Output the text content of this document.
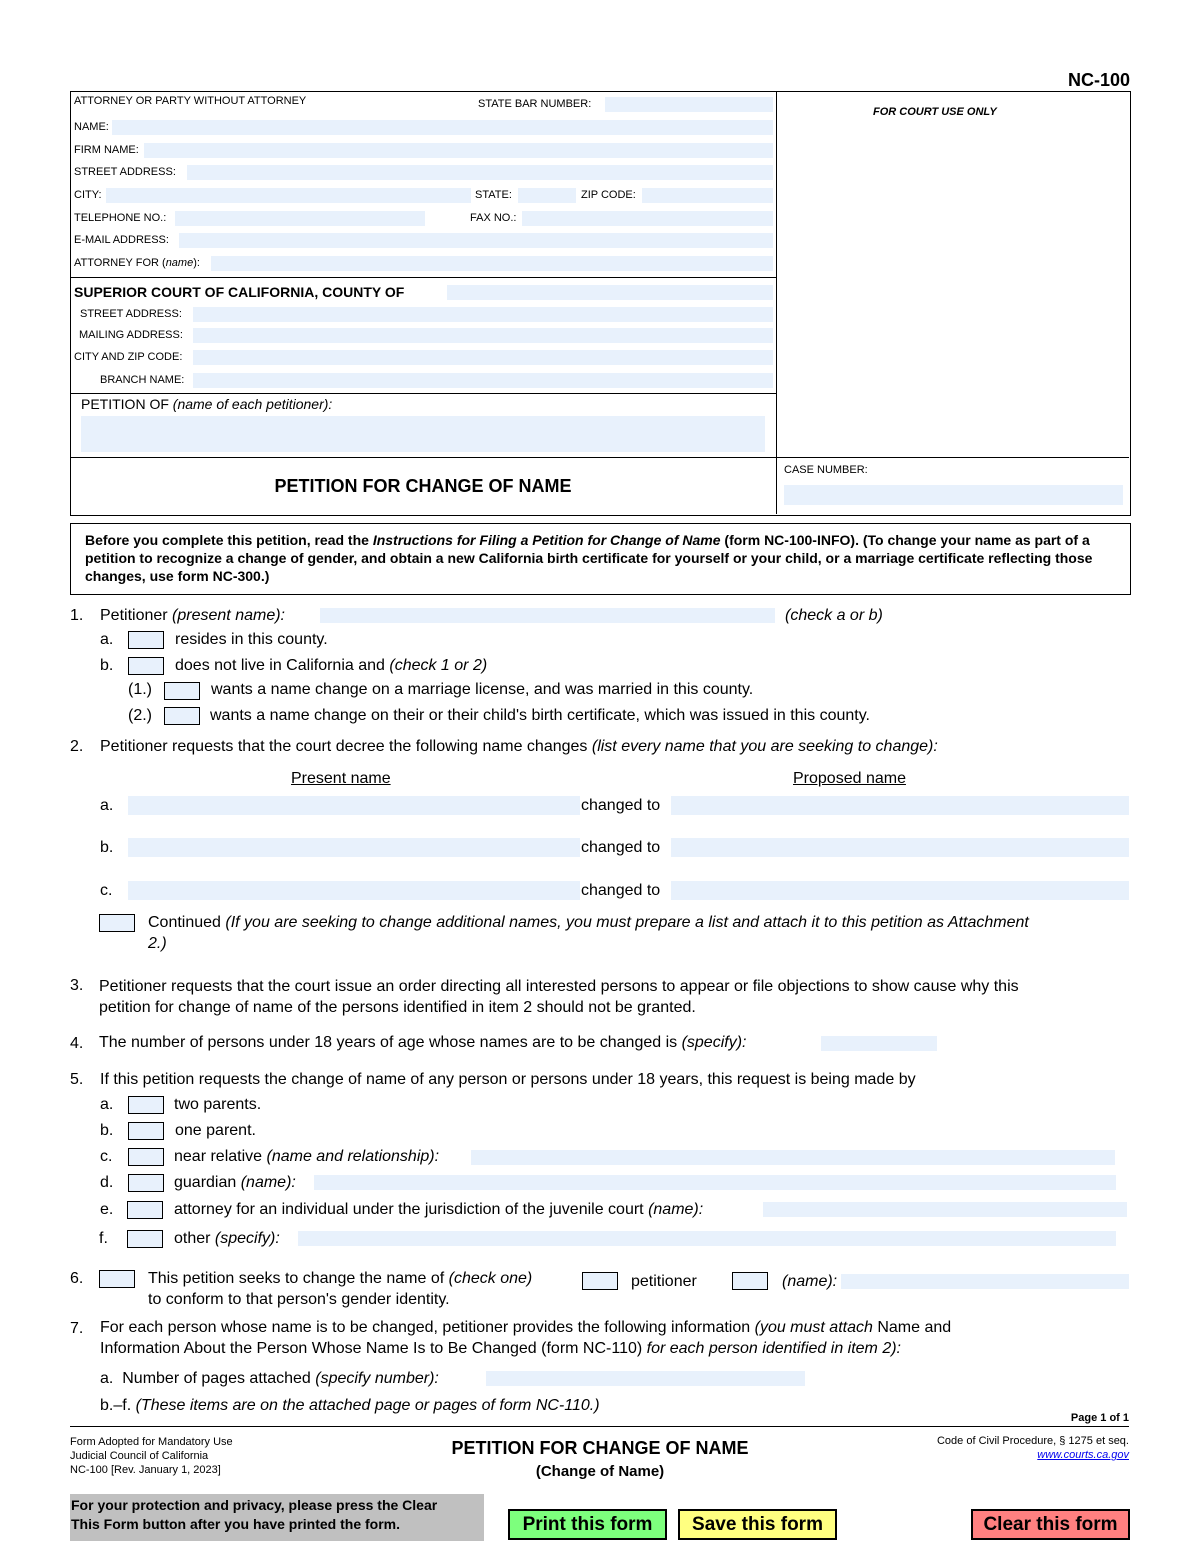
NC-100
ATTORNEY OR PARTY WITHOUT ATTORNEY	STATE BAR NUMBER:
NAME:
FIRM NAME:
STREET ADDRESS:
CITY:	STATE:	ZIP CODE:
TELEPHONE NO.:	FAX NO.:
E-MAIL ADDRESS:
ATTORNEY FOR (name):
FOR COURT USE ONLY
SUPERIOR COURT OF CALIFORNIA, COUNTY OF
STREET ADDRESS:
MAILING ADDRESS:
CITY AND ZIP CODE:
BRANCH NAME:
PETITION OF (name of each petitioner):
PETITION FOR CHANGE OF NAME
CASE NUMBER:
Before you complete this petition, read the Instructions for Filing a Petition for Change of Name (form NC-100-INFO). (To change your name as part of a petition to recognize a change of gender, and obtain a new California birth certificate for yourself or your child, or a marriage certificate reflecting those changes, use form NC-300.)
1. Petitioner (present name):	(check a or b)
a.	resides in this county.
b.	does not live in California and (check 1 or 2)
(1.)	wants a name change on a marriage license, and was married in this county.
(2.)	wants a name change on their or their child's birth certificate, which was issued in this county.
2. Petitioner requests that the court decree the following name changes (list every name that you are seeking to change):
Present name	Proposed name
a.	changed to
b.	changed to
c.	changed to
Continued (If you are seeking to change additional names, you must prepare a list and attach it to this petition as Attachment
2.)
3. Petitioner requests that the court issue an order directing all interested persons to appear or file objections to show cause why this
petition for change of name of the persons identified in item 2 should not be granted.
4. The number of persons under 18 years of age whose names are to be changed is (specify):
5. If this petition requests the change of name of any person or persons under 18 years, this request is being made by
a.	two parents.
b.	one parent.
c.	near relative (name and relationship):
d.	guardian (name):
e.	attorney for an individual under the jurisdiction of the juvenile court (name):
f.	other (specify):
6.	This petition seeks to change the name of (check one)	petitioner	(name):
to conform to that person's gender identity.
7. For each person whose name is to be changed, petitioner provides the following information (you must attach Name and
Information About the Person Whose Name Is to Be Changed (form NC-110) for each person identified in item 2):
a. Number of pages attached (specify number):
b.–f. (These items are on the attached page or pages of form NC-110.)
Page 1 of 1
Form Adopted for Mandatory Use
Judicial Council of California
NC-100 [Rev. January 1, 2023]
PETITION FOR CHANGE OF NAME
(Change of Name)
Code of Civil Procedure, § 1275 et seq.
www.courts.ca.gov
For your protection and privacy, please press the Clear
This Form button after you have printed the form.	Print this form	Save this form	Clear this form
